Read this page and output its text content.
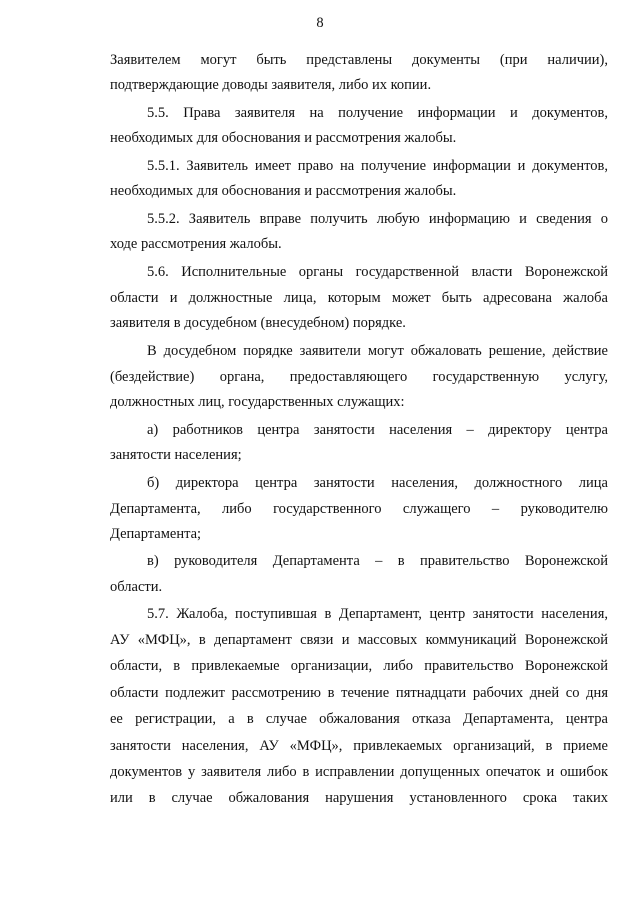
8
Заявителем могут быть представлены документы (при наличии),
подтверждающие доводы заявителя, либо их копии.
5.5. Права заявителя на получение информации и документов,
необходимых для обоснования и рассмотрения жалобы.
5.5.1. Заявитель имеет право на получение информации и документов,
необходимых для обоснования и рассмотрения жалобы.
5.5.2. Заявитель вправе получить любую информацию и сведения о
ходе рассмотрения жалобы.
5.6. Исполнительные органы государственной власти Воронежской
области и должностные лица, которым может быть адресована жалоба
заявителя в досудебном (внесудебном) порядке.
В досудебном порядке заявители могут обжаловать решение, действие
(бездействие) органа, предоставляющего государственную услугу,
должностных лиц, государственных служащих:
а) работников центра занятости населения – директору центра
занятости населения;
б) директора центра занятости населения, должностного лица
Департамента, либо государственного служащего – руководителю
Департамента;
в) руководителя Департамента – в правительство Воронежской
области.
5.7. Жалоба, поступившая в Департамент, центр занятости населения,
АУ «МФЦ», в департамент связи и массовых коммуникаций Воронежской
области, в привлекаемые организации, либо правительство Воронежской
области подлежит рассмотрению в течение пятнадцати рабочих дней со дня
ее регистрации, а в случае обжалования отказа Департамента, центра
занятости населения, АУ «МФЦ», привлекаемых организаций, в приеме
документов у заявителя либо в исправлении допущенных опечаток и ошибок
или в случае обжалования нарушения установленного срока таких
